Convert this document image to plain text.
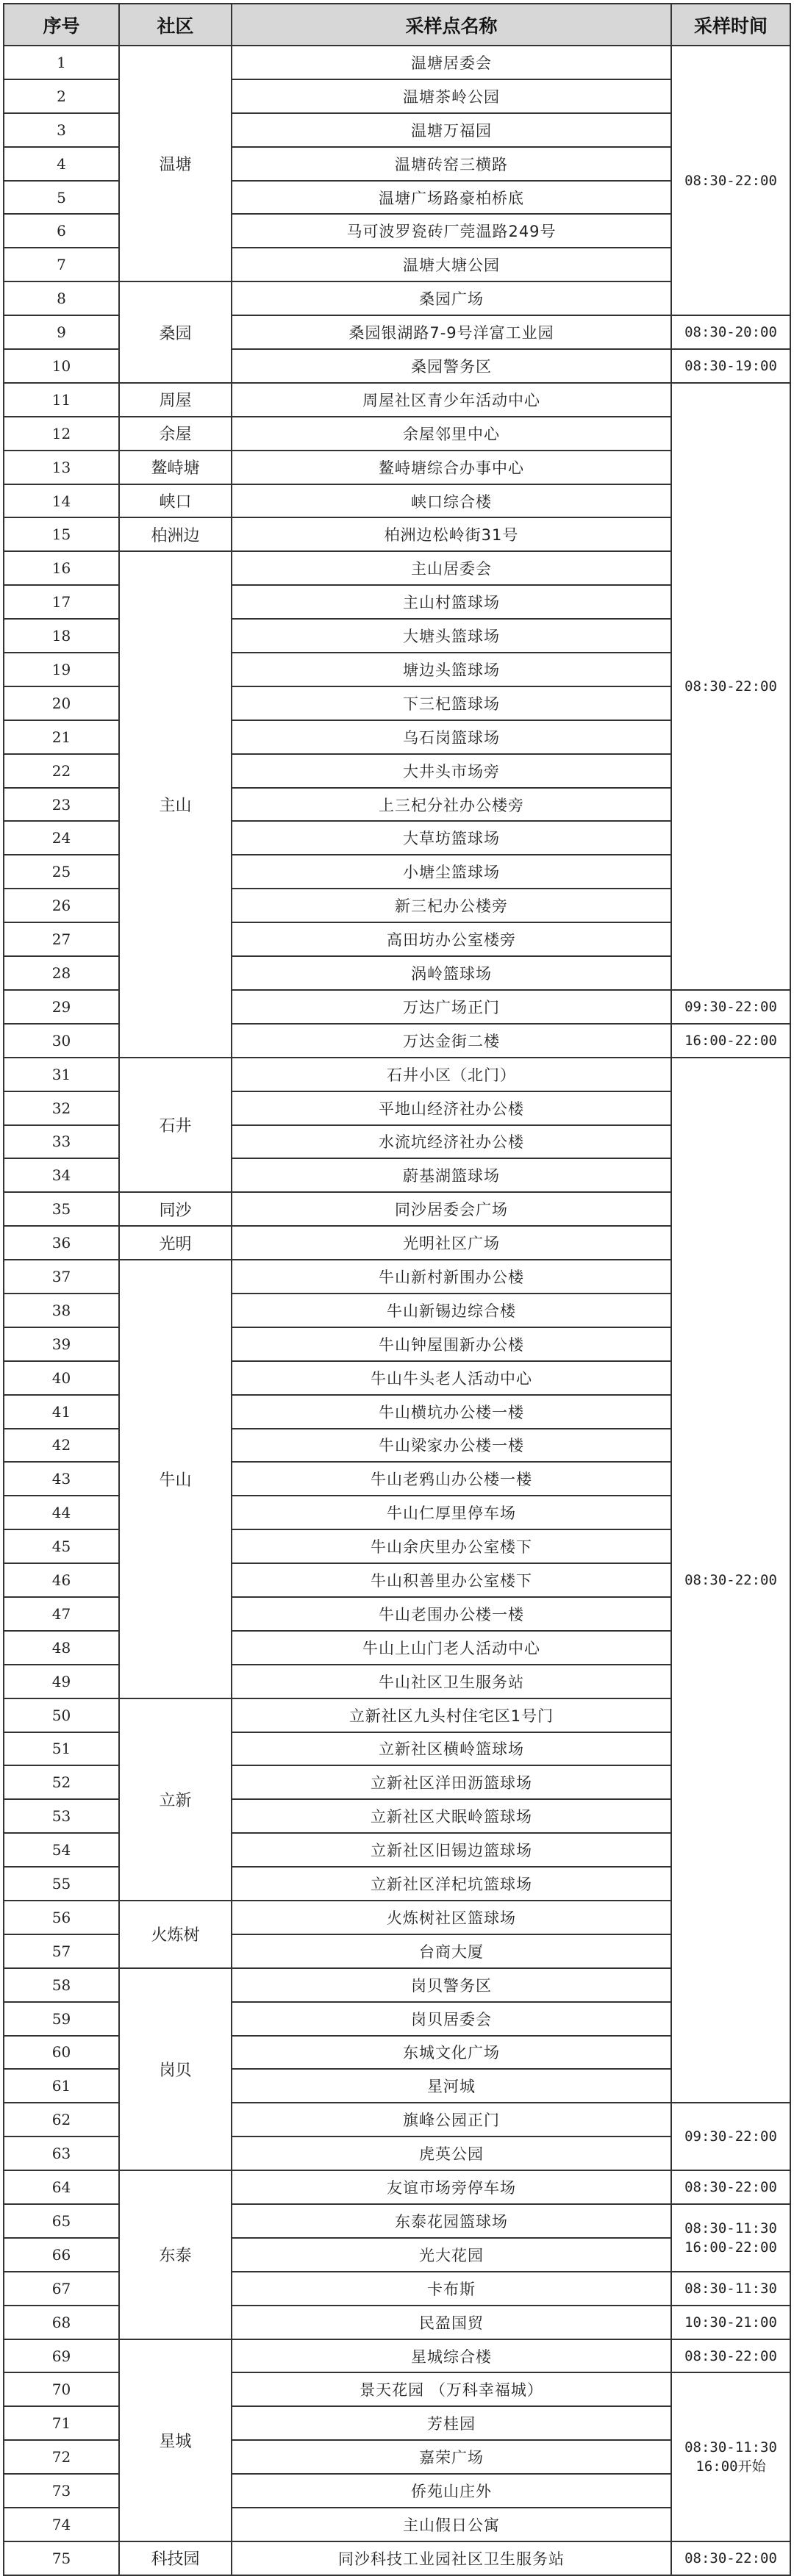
序号	社区	采样点名称	采样时间
1	温塘	温塘居委会	08:30-22:00
2		温塘茶岭公园	
3		温塘万福园	
4		温塘砖窑三横路	
5		温塘广场路豪柏桥底	
6		马可波罗瓷砖厂莞温路249号	
7		温塘大塘公园	
8	桑园	桑园广场	
9		桑园银湖路7-9号洋富工业园	08:30-20:00
10		桑园警务区	08:30-19:00
11	周屋	周屋社区青少年活动中心	08:30-22:00
12	余屋	余屋邻里中心	
13	鳌峙塘	鳌峙塘综合办事中心	
14	峡口	峡口综合楼	
15	柏洲边	柏洲边松岭街31号	
16	主山	主山居委会	
17		主山村篮球场	
18		大塘头篮球场	
19		塘边头篮球场	
20		下三杞篮球场	
21		乌石岗篮球场	
22		大井头市场旁	
23		上三杞分社办公楼旁	
24		大草坊篮球场	
25		小塘尘篮球场	
26		新三杞办公楼旁	
27		高田坊办公室楼旁	
28		涡岭篮球场	
29		万达广场正门	09:30-22:00
30		万达金街二楼	16:00-22:00
31	石井	石井小区（北门）	08:30-22:00
32		平地山经济社办公楼	
33		水流坑经济社办公楼	
34		蔚基湖篮球场	
35	同沙	同沙居委会广场	
36	光明	光明社区广场	
37	牛山	牛山新村新围办公楼	
38		牛山新锡边综合楼	
39		牛山钟屋围新办公楼	
40		牛山牛头老人活动中心	
41		牛山横坑办公楼一楼	
42		牛山梁家办公楼一楼	
43		牛山老鸦山办公楼一楼	
44		牛山仁厚里停车场	
45		牛山余庆里办公室楼下	
46		牛山积善里办公室楼下	
47		牛山老围办公楼一楼	
48		牛山上山门老人活动中心	
49		牛山社区卫生服务站	
50	立新	立新社区九头村住宅区1号门	
51		立新社区横岭篮球场	
52		立新社区洋田沥篮球场	
53		立新社区犬眠岭篮球场	
54		立新社区旧锡边篮球场	
55		立新社区洋杞坑篮球场	
56	火炼树	火炼树社区篮球场	
57		台商大厦	
58	岗贝	岗贝警务区	
59		岗贝居委会	
60		东城文化广场	
61		星河城	
62		旗峰公园正门	09:30-22:00
63		虎英公园	
64	东泰	友谊市场旁停车场	08:30-22:00
65		东泰花园篮球场	08:30-11:30
16:00-22:00
66		光大花园	
67		卡布斯	08:30-11:30
68		民盈国贸	10:30-21:00
69	星城	星城综合楼	08:30-22:00
70		景天花园 （万科幸福城）	08:30-11:30
16:00开始
71		芳桂园	
72		嘉荣广场	
73		侨苑山庄外	
74		主山假日公寓	
75	科技园	同沙科技工业园社区卫生服务站	08:30-22:00
